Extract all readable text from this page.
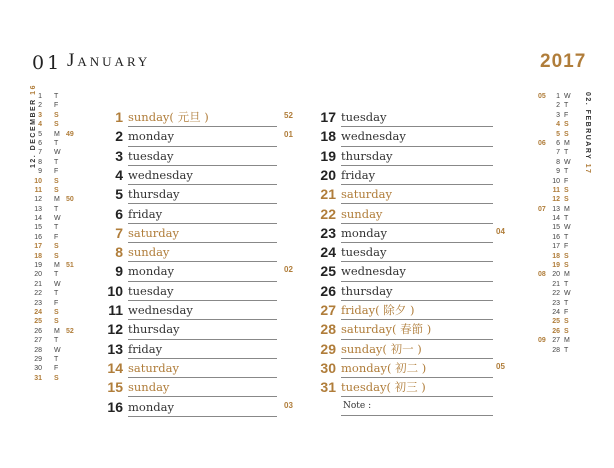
01 January	2017
12. DECEMBER 16
1 T
2 F
3 S
4 S
49
5 M
6 T
7 W
8 T
9 F
10 S
11 S
50
12 M
13 T
14 W
15 T
16 F
17 S
18 S
51
19 M
20 T
21 W
22 T
23 F
24 S
25 S
52
26 M
27 T
28 W
29 T
30 F
31 S
02. FEBRUARY 17
05	1 W
2 T
3 F
4 S
5 S
06	6 M
7 T
8 W
9 T
10 F
11 S
12 S
07 13 M
14 T
15 W
16 T
17 F
18 S
19 S
08 20 M
21 T
22 W
23 T
24 F
25 S
26 S
09 27 M
28 T
1 sunday( 元旦 )	52
2 monday	01
3 tuesday
4 wednesday
5 thursday
6 friday
7 saturday
8 sunday
9 monday	02
10 tuesday
11 wednesday
12 thursday
13 friday
14 saturday
15 sunday
16 monday	03
17 tuesday
18 wednesday
19 thursday
20 friday
21 saturday
22 sunday
23 monday	04
24 tuesday
25 wednesday
26 thursday
27 friday( 除夕 )
28 saturday( 春節 )
29 sunday( 初一 )
30 monday( 初二 )	05
31 tuesday( 初三 )
Note :
